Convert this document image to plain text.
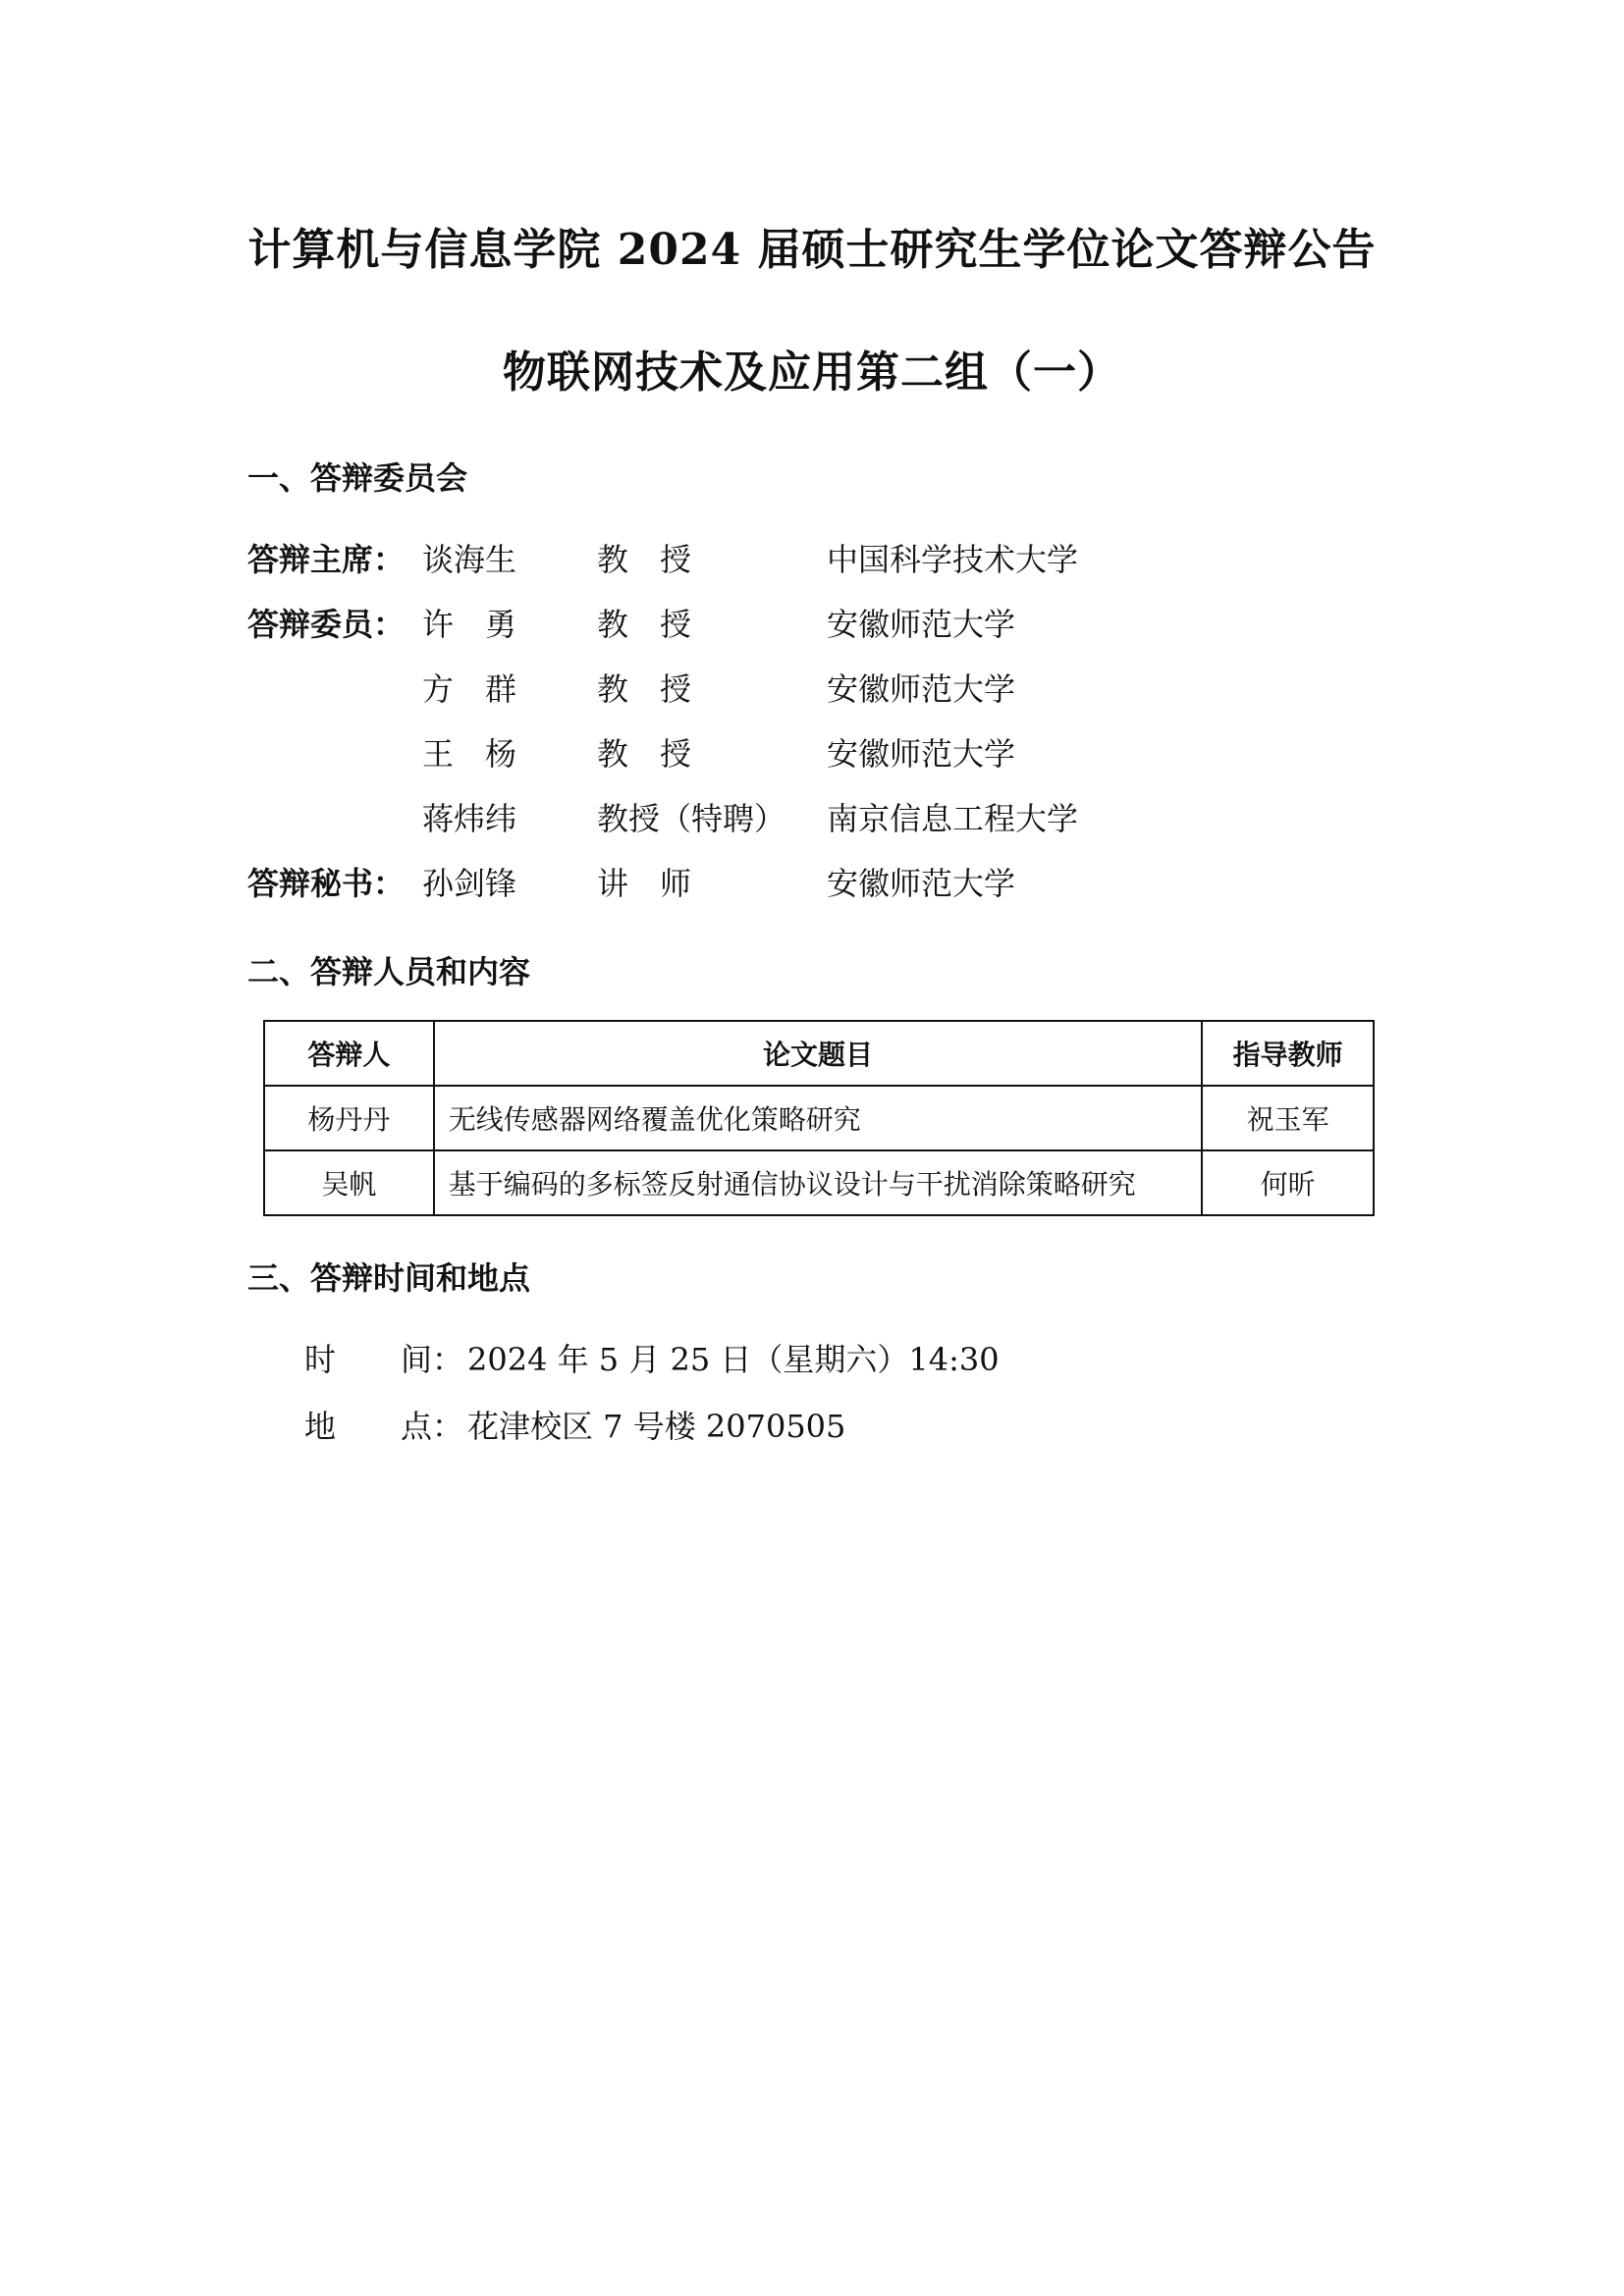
计算机与信息学院 2024 届硕士研究生学位论文答辩公告
物联网技术及应用第二组（一）
一、答辩委员会
答辩主席： 谈海生	教　授	中国科学技术大学
答辩委员： 许　勇	教　授	安徽师范大学
方　群	教　授	安徽师范大学
王　杨	教　授	安徽师范大学
蒋炜纬	教授（特聘） 南京信息工程大学
答辩秘书： 孙剑锋	讲　师	安徽师范大学
二、答辩人员和内容
答辩人	论文题目	指导教师
杨丹丹	无线传感器网络覆盖优化策略研究	祝玉军
吴帆	基于编码的多标签反射通信协议设计与干扰消除策略研究	何昕
三、答辩时间和地点
时 间： 2024 年 5 月 25 日（星期六）14:30
地 点： 花津校区 7 号楼 2070505
